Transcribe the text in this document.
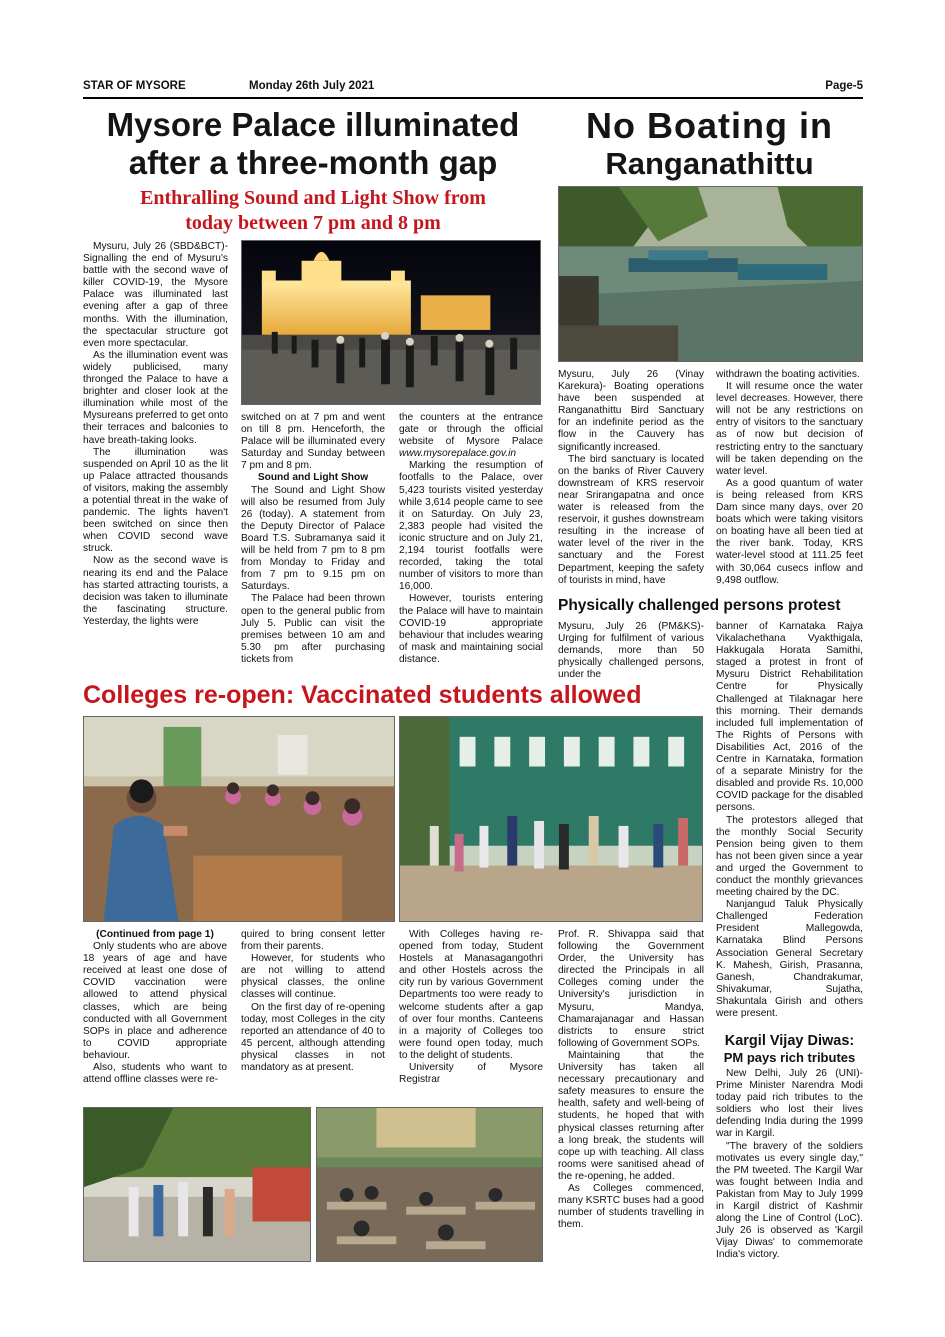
STAR OF MYSORE	Monday 26th July 2021	Page-5
Mysore Palace illuminated
after a three-month gap
Enthralling Sound and Light Show from
today between 7 pm and 8 pm

Mysuru, July 26 (SBD&BCT)- Signalling the end of Mysuru's battle with the second wave of killer COVID-19, the Mysore Palace was illuminated last evening after a gap of three months. With the illumination, the spectacular structure got even more spectacular.

As the illumination event was widely publicised, many thronged the Palace to have a brighter and closer look at the illumination while most of the Mysureans preferred to get onto their terraces and balconies to have breath-taking looks.

The illumination was suspended on April 10 as the lit up Palace attracted thousands of visitors, making the assembly a potential threat in the wake of pandemic. The lights haven't been switched on since then when COVID second wave struck.

Now as the second wave is nearing its end and the Palace has started attracting tourists, a decision was taken to illuminate the fascinating structure. Yesterday, the lights were

switched on at 7 pm and went on till 8 pm. Henceforth, the Palace will be illuminated every Saturday and Sunday between 7 pm and 8 pm.

Sound and Light Show

The Sound and Light Show will also be resumed from July 26 (today). A statement from the Deputy Director of Palace Board T.S. Subramanya said it will be held from 7 pm to 8 pm from Monday to Friday and from 7 pm to 9.15 pm on Saturdays.

The Palace had been thrown open to the general public from July 5. Public can visit the premises between 10 am and 5.30 pm after purchasing tickets from

the counters at the entrance gate or through the official website of Mysore Palace www.mysorepalace.gov.in

Marking the resumption of footfalls to the Palace, over 5,423 tourists visited yesterday while 3,614 people came to see it on Saturday. On July 23, 2,383 people had visited the iconic structure and on July 21, 2,194 tourist footfalls were recorded, taking the total number of visitors to more than 16,000.

However, tourists entering the Palace will have to maintain COVID-19 appropriate behaviour that includes wearing of mask and maintaining social distance.

No Boating in
Ranganathittu

Mysuru, July 26 (Vinay Karekura)- Boating operations have been suspended at Ranganathittu Bird Sanctuary for an indefinite period as the flow in the Cauvery has significantly increased.

The bird sanctuary is located on the banks of River Cauvery downstream of KRS reservoir near Srirangapatna and once water is released from the reservoir, it gushes downstream resulting in the increase of water level of the river in the sanctuary and the Forest Department, keeping the safety of tourists in mind, have

withdrawn the boating activities.

It will resume once the water level decreases. However, there will not be any restrictions on entry of visitors to the sanctuary as of now but decision of restricting entry to the sanctuary will be taken depending on the water level.

As a good quantum of water is being released from KRS Dam since many days, over 20 boats which were taking visitors on boating have all been tied at the river bank. Today, KRS water-level stood at 111.25 feet with 30,064 cusecs inflow and 9,498 outflow.

Physically challenged persons protest

Mysuru, July 26 (PM&KS)- Urging for fulfilment of various demands, more than 50 physically challenged persons, under the

banner of Karnataka Rajya Vikalachethana Vyakthigala, Hakkugala Horata Samithi, staged a protest in front of Mysuru District Rehabilitation Centre for Physically Challenged at Tilaknagar here this morning. Their demands included full implementation of The Rights of Persons with Disabilities Act, 2016 of the Centre in Karnataka, formation of a separate Ministry for the disabled and provide Rs. 10,000 COVID package for the disabled persons.

The protestors alleged that the monthly Social Security Pension being given to them has not been given since a year and urged the Government to conduct the monthly grievances meeting chaired by the DC.

Nanjangud Taluk Physically Challenged Federation President Mallegowda, Karnataka Blind Persons Association General Secretary K. Mahesh, Girish, Prasanna, Ganesh, Chandrakumar, Shivakumar, Sujatha, Shakuntala Girish and others were present.

Kargil Vijay Diwas:
PM pays rich tributes

New Delhi, July 26 (UNI)- Prime Minister Narendra Modi today paid rich tributes to the soldiers who lost their lives defending India during the 1999 war in Kargil.

"The bravery of the soldiers motivates us every single day," the PM tweeted. The Kargil War was fought between India and Pakistan from May to July 1999 in Kargil district of Kashmir along the Line of Control (LoC). July 26 is observed as 'Kargil Vijay Diwas' to commemorate India's victory.

Colleges re-open: Vaccinated students allowed

(Continued from page 1)

Only students who are above 18 years of age and have received at least one dose of COVID vaccination were allowed to attend physical classes, which are being conducted with all Government SOPs in place and adherence to COVID appropriate behaviour.

Also, students who want to attend offline classes were re-

quired to bring consent letter from their parents.

However, for students who are not willing to attend physical classes, the online classes will continue.

On the first day of re-opening today, most Colleges in the city reported an attendance of 40 to 45 percent, although attending physical classes in not mandatory as at present.

With Colleges having re-opened from today, Student Hostels at Manasagangothri and other Hostels across the city run by various Government Departments too were ready to welcome students after a gap of over four months. Canteens in a majority of Colleges too were found open today, much to the delight of students.

University of Mysore Registrar

Prof. R. Shivappa said that following the Government Order, the University has directed the Principals in all Colleges coming under the University's jurisdiction in Mysuru, Mandya, Chamarajanagar and Hassan districts to ensure strict following of Government SOPs.

Maintaining that the University has taken all necessary precautionary and safety measures to ensure the health, safety and well-being of students, he hoped that with physical classes returning after a long break, the students will cope up with teaching. All class rooms were sanitised ahead of the re-opening, he added.

As Colleges commenced, many KSRTC buses had a good number of students travelling in them.
